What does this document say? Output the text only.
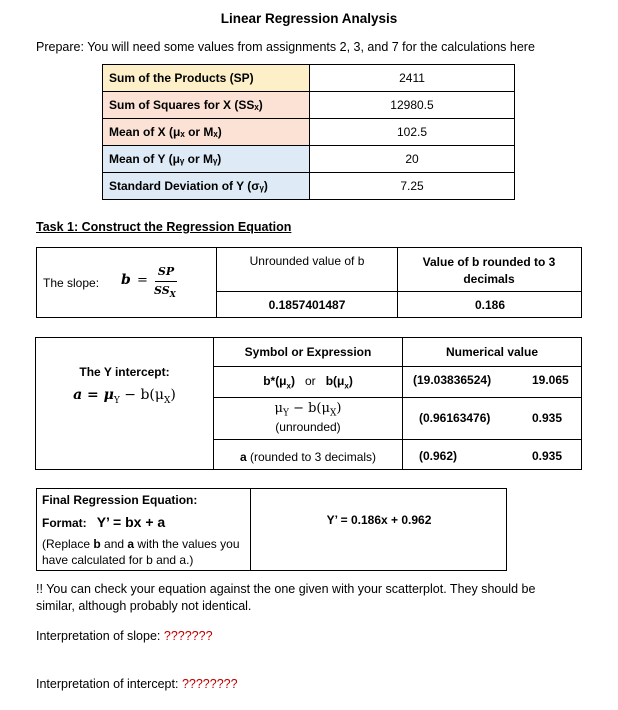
Linear Regression Analysis
Prepare: You will need some values from assignments 2, 3, and 7 for the calculations here
Sum of the Products (SP)	2411
Sum of Squares for X (SSₓ)	12980.5
Mean of X (μₓ or Mₓ)	102.5
Mean of Y (μᵧ or Mᵧ)	20
Standard Deviation of Y (σᵧ)	7.25
Task 1: Construct the Regression Equation
The slope: b =
SP
$SS_X$
Unrounded value of b	Value of b rounded to 3 decimals
0.1857401487	0.186
The Y intercept:
$a = \mu_Y - b(\mu_X)$
Symbol or Expression	Numerical value
$b*(\mu_x)$ or $b(\mu_x)$	(19.03836524)	19.065
$\mu_Y - b(\mu_X)$
(unrounded)
(0.96163476)	0.935
a (rounded to 3 decimals)	(0.962)	0.935
Final Regression Equation:
Format: Y’ = bx + a
(Replace b and a with the values you have calculated for b and a.)
Y’ = 0.186x + 0.962
!! You can check your equation against the one given with your scatterplot. They should be similar, although probably not identical.
Interpretation of slope: ???????
Interpretation of intercept: ????????
